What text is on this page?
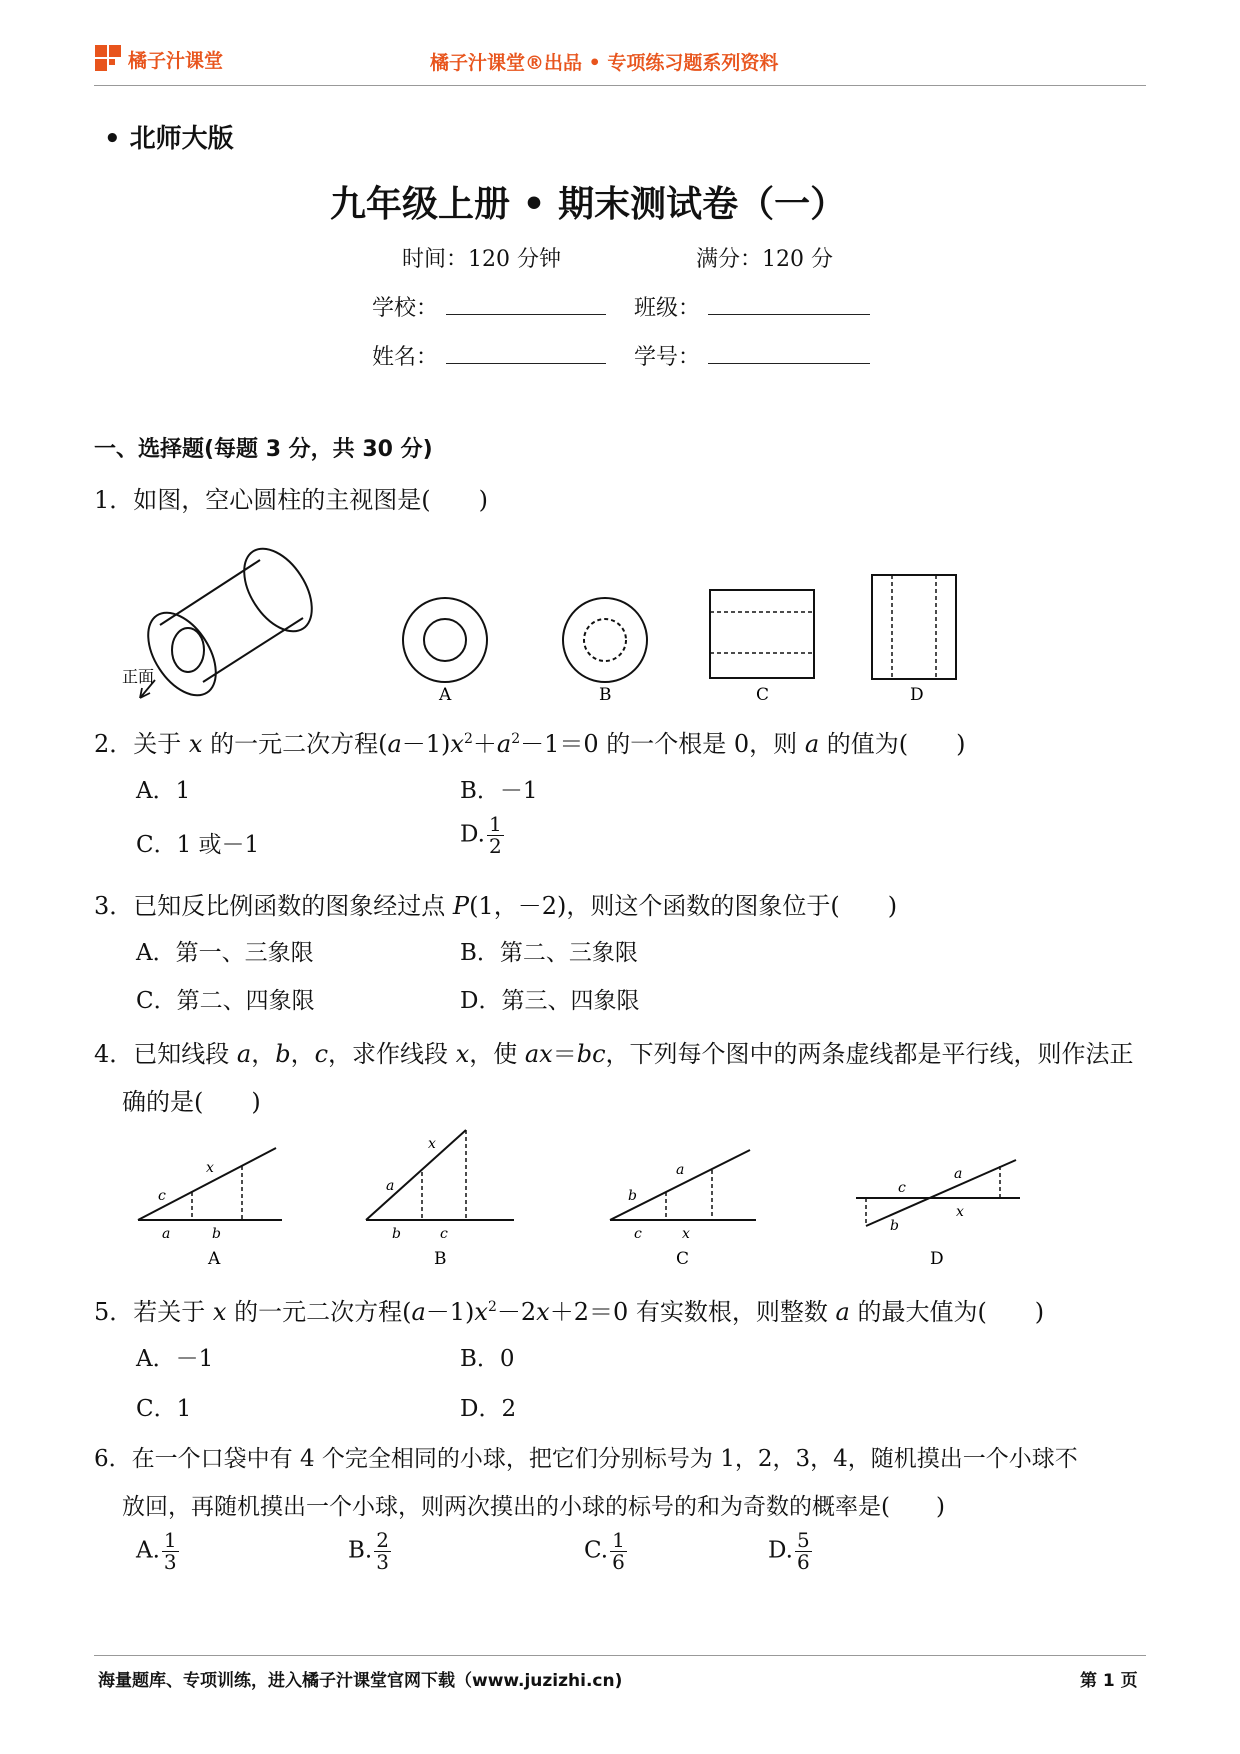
橘子汁课堂	橘子汁课堂®出品 • 专项练习题系列资料
• 北师大版
九年级上册 • 期末测试卷（一）
时间：120 分钟	满分：120 分
学校：	班级：
姓名：	学号：
一、选择题(每题 3 分，共 30 分)
1．如图，空心圆柱的主视图是(　　)
正面
A	B	C	D
2．关于 x 的一元二次方程$(a-1)x^2+a^2-1=0$ 的一个根是 0，则 a 的值为(　　)
A．1	B．－1
C．1 或－1	D. $\frac{1}{2}$
3．已知反比例函数的图象经过点 P(1，－2)，则这个函数的图象位于(　　)
A．第一、三象限	B．第二、三象限
C．第二、四象限	D．第三、四象限
4．已知线段 a，b，c，求作线段 x，使 ax＝bc，下列每个图中的两条虚线都是平行线，则作法正
确的是(　　)
c
x
a	b
A
a
x
b	c
B
b
a
c	x
C
c
a
b
x
D
5．若关于 x 的一元二次方程$(a-1)x^2-2x+2=0$ 有实数根，则整数 a 的最大值为(　　)
A．－1	B．0
C．1	D．2
6．在一个口袋中有 4 个完全相同的小球，把它们分别标号为 1，2，3，4，随机摸出一个小球不
放回，再随机摸出一个小球，则两次摸出的小球的标号的和为奇数的概率是(　　)
A. $\frac{1}{3}$	B. $\frac{2}{3}$	C. $\frac{1}{6}$	D. $\frac{5}{6}$
海量题库、专项训练，进入橘子汁课堂官网下载（www.juzizhi.cn)	第 1 页
